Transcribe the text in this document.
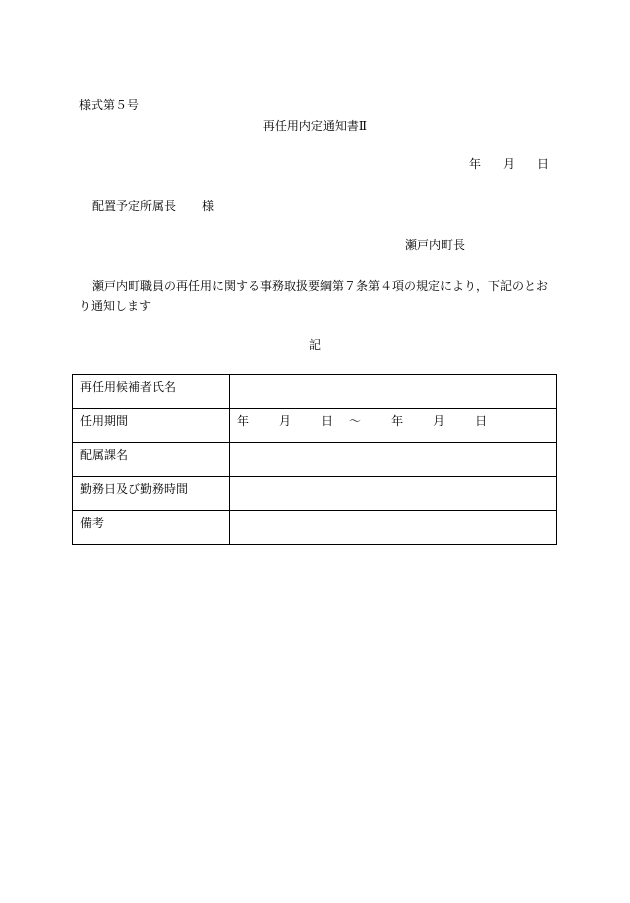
様式第５号
再任用内定通知書Ⅱ
年 月 日
配置予定所属長 様
瀬戸内町長
瀬戸内町職員の再任用に関する事務取扱要綱第７条第４項の規定により，下記のとおり通知します
記
再任用候補者氏名	
任用期間	年 月 日 ～ 年 月 日
配属課名	
勤務日及び勤務時間	
備考	
